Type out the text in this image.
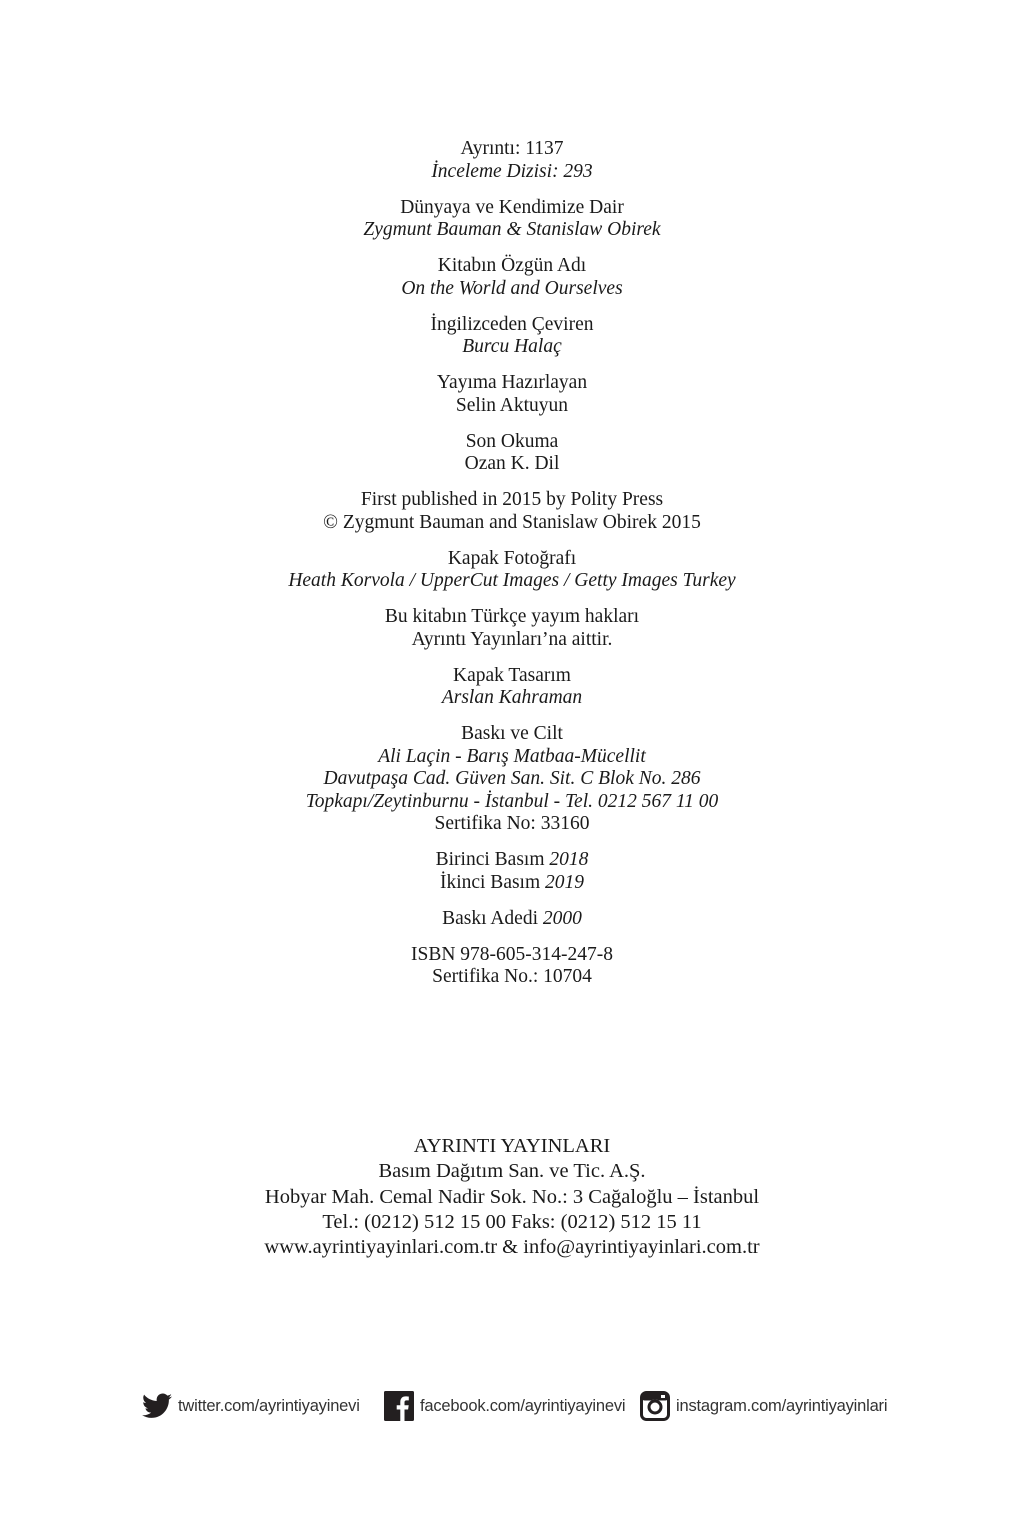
Ayrıntı: 1137
İnceleme Dizisi: 293
Dünyaya ve Kendimize Dair
Zygmunt Bauman & Stanislaw Obirek
Kitabın Özgün Adı
On the World and Ourselves
İngilizceden Çeviren
Burcu Halaç
Yayıma Hazırlayan
Selin Aktuyun
Son Okuma
Ozan K. Dil
First published in 2015 by Polity Press
© Zygmunt Bauman and Stanislaw Obirek 2015
Kapak Fotoğrafı
Heath Korvola / UpperCut Images / Getty Images Turkey
Bu kitabın Türkçe yayım hakları
Ayrıntı Yayınları’na aittir.
Kapak Tasarım
Arslan Kahraman
Baskı ve Cilt
Ali Laçin - Barış Matbaa-Mücellit
Davutpaşa Cad. Güven San. Sit. C Blok No. 286
Topkapı/Zeytinburnu - İstanbul - Tel. 0212 567 11 00
Sertifika No: 33160
Birinci Basım 2018
İkinci Basım 2019
Baskı Adedi 2000
ISBN 978-605-314-247-8
Sertifika No.: 10704
AYRINTI YAYINLARI
Basım Dağıtım San. ve Tic. A.Ş.
Hobyar Mah. Cemal Nadir Sok. No.: 3 Cağaloğlu – İstanbul
Tel.: (0212) 512 15 00 Faks: (0212) 512 15 11
www.ayrintiyayinlari.com.tr & info@ayrintiyayinlari.com.tr
twitter.com/ayrintiyayinevi	facebook.com/ayrintiyayinevi	instagram.com/ayrintiyayinlari
